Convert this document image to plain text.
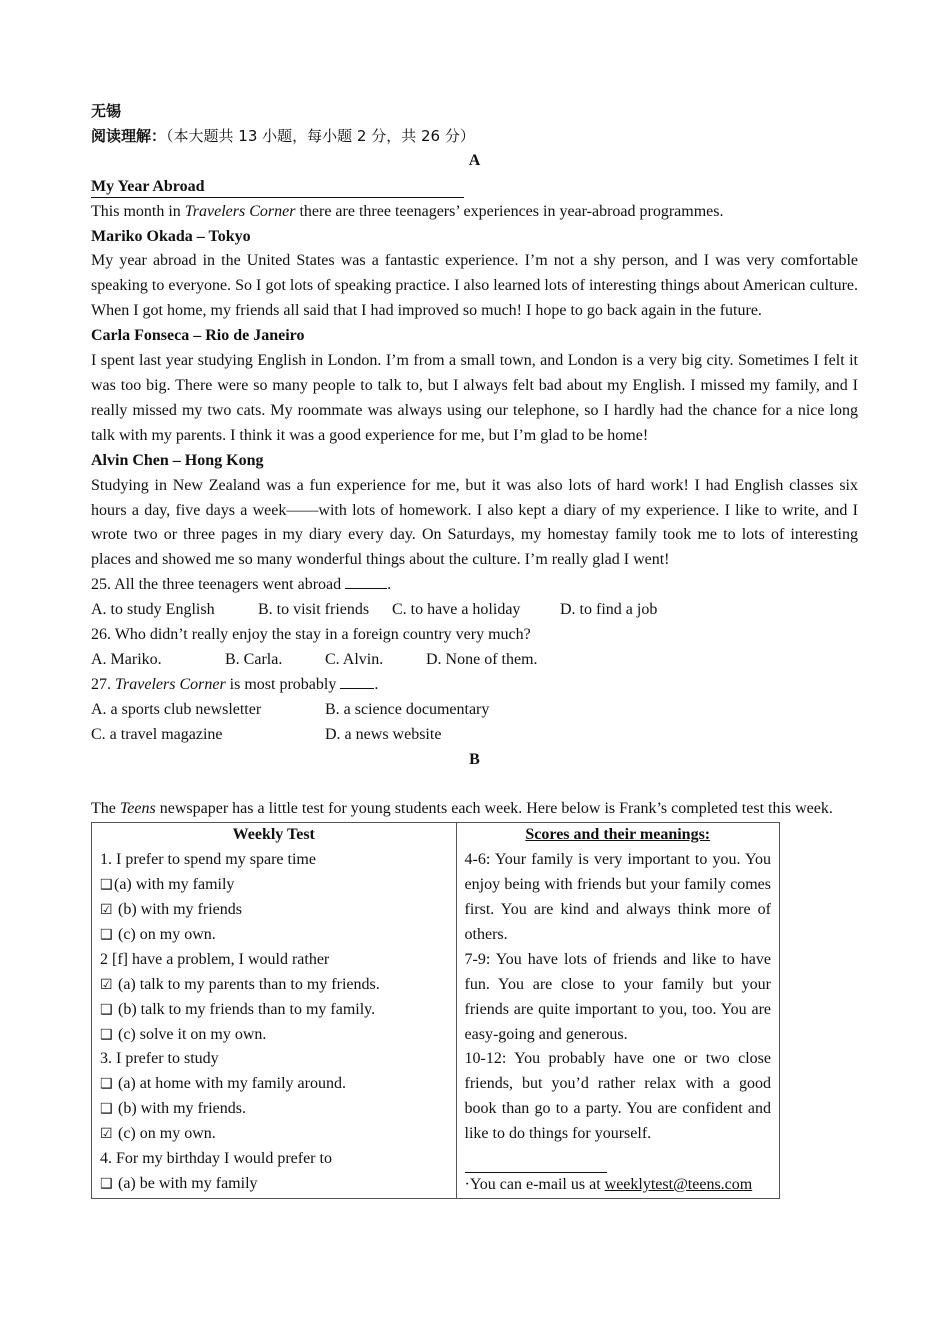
无锡

阅读理解：（本大题共 13 小题，每小题 2 分，共 26 分）

A

My Year Abroad

This month in Travelers Corner there are three teenagers’ experiences in year-abroad programmes.

Mariko Okada – Tokyo

My year abroad in the United States was a fantastic experience. I’m not a shy person, and I was very comfortable speaking to everyone. So I got lots of speaking practice. I also learned lots of interesting things about American culture. When I got home, my friends all said that I had improved so much! I hope to go back again in the future.

Carla Fonseca – Rio de Janeiro

I spent last year studying English in London. I’m from a small town, and London is a very big city. Sometimes I felt it was too big. There were so many people to talk to, but I always felt bad about my English. I missed my family, and I really missed my two cats. My roommate was always using our telephone, so I hardly had the chance for a nice long talk with my parents. I think it was a good experience for me, but I’m glad to be home!

Alvin Chen – Hong Kong

Studying in New Zealand was a fun experience for me, but it was also lots of hard work! I had English classes six hours a day, five days a week——with lots of homework. I also kept a diary of my experience. I like to write, and I wrote two or three pages in my diary every day. On Saturdays, my homestay family took me to lots of interesting places and showed me so many wonderful things about the culture. I’m really glad I went!

25. All the three teenagers went abroad	.

A. to study English	B. to visit friends	C. to have a holiday	D. to find a job

26. Who didn’t really enjoy the stay in a foreign country very much?

A. Mariko.	B. Carla.	C. Alvin.	D. None of them.

27. Travelers Corner is most probably .

A. a sports club newsletter	B. a science documentary
C. a travel magazine	D. a news website

B

The Teens newspaper has a little test for young students each week. Here below is Frank’s completed test this week.

Weekly Test
1. I prefer to spend my spare time
❑(a) with my family
☑ (b) with my friends
❑ (c) on my own.
2 [f] have a problem, I would rather
☑ (a) talk to my parents than to my friends.
❑ (b) talk to my friends than to my family.
❑ (c) solve it on my own.
3. I prefer to study
❑ (a) at home with my family around.
❑ (b) with my friends.
☑ (c) on my own.
4. For my birthday I would prefer to
❑ (a) be with my family

Scores and their meanings:
4-6: Your family is very important to you. You enjoy being with friends but your family comes first. You are kind and always think more of others.
7-9: You have lots of friends and like to have fun. You are close to your family but your friends are quite important to you, too. You are easy-going and generous.
10-12: You probably have one or two close friends, but you’d rather relax with a good book than go to a party. You are confident and like to do things for yourself.
·You can e-mail us at weeklytest@teens.com
